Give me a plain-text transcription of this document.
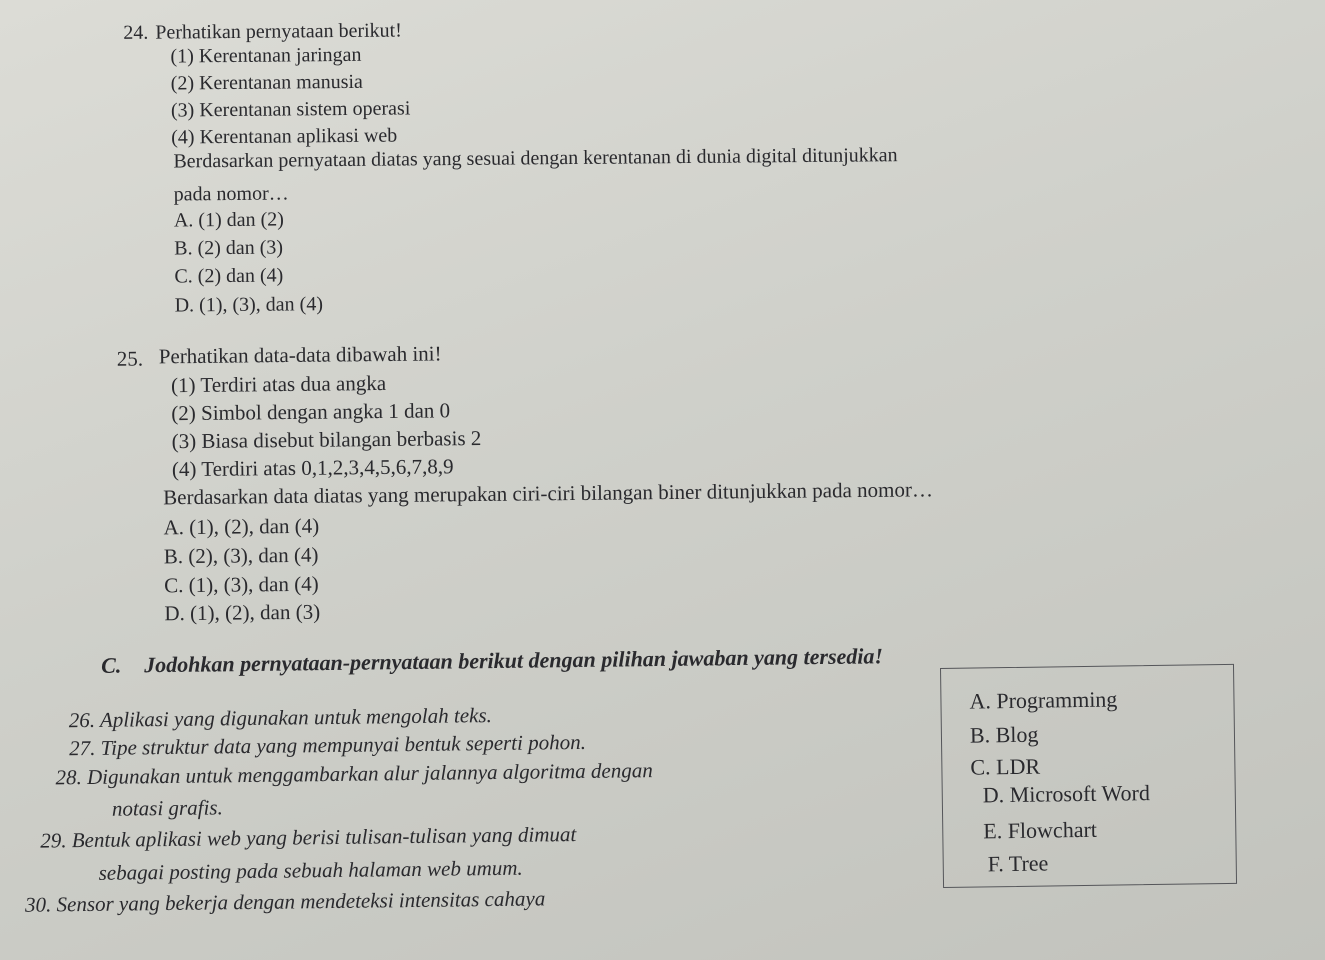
24. Perhatikan pernyataan berikut!
(1) Kerentanan jaringan
(2) Kerentanan manusia
(3) Kerentanan sistem operasi
(4) Kerentanan aplikasi web
Berdasarkan pernyataan diatas yang sesuai dengan kerentanan di dunia digital ditunjukkan
pada nomor…
A. (1) dan (2)
B. (2) dan (3)
C. (2) dan (4)
D. (1), (3), dan (4)
25. Perhatikan data-data dibawah ini!
(1) Terdiri atas dua angka
(2) Simbol dengan angka 1 dan 0
(3) Biasa disebut bilangan berbasis 2
(4) Terdiri atas 0,1,2,3,4,5,6,7,8,9
Berdasarkan data diatas yang merupakan ciri-ciri bilangan biner ditunjukkan pada nomor…
A. (1), (2), dan (4)
B. (2), (3), dan (4)
C. (1), (3), dan (4)
D. (1), (2), dan (3)
C. Jodohkan pernyataan-pernyataan berikut dengan pilihan jawaban yang tersedia!
26. Aplikasi yang digunakan untuk mengolah teks.
27. Tipe struktur data yang mempunyai bentuk seperti pohon.
28. Digunakan untuk menggambarkan alur jalannya algoritma dengan
notasi grafis.
29. Bentuk aplikasi web yang berisi tulisan-tulisan yang dimuat
sebagai posting pada sebuah halaman web umum.
30. Sensor yang bekerja dengan mendeteksi intensitas cahaya
A. Programming
B. Blog
C. LDR
D. Microsoft Word
E. Flowchart
F. Tree
